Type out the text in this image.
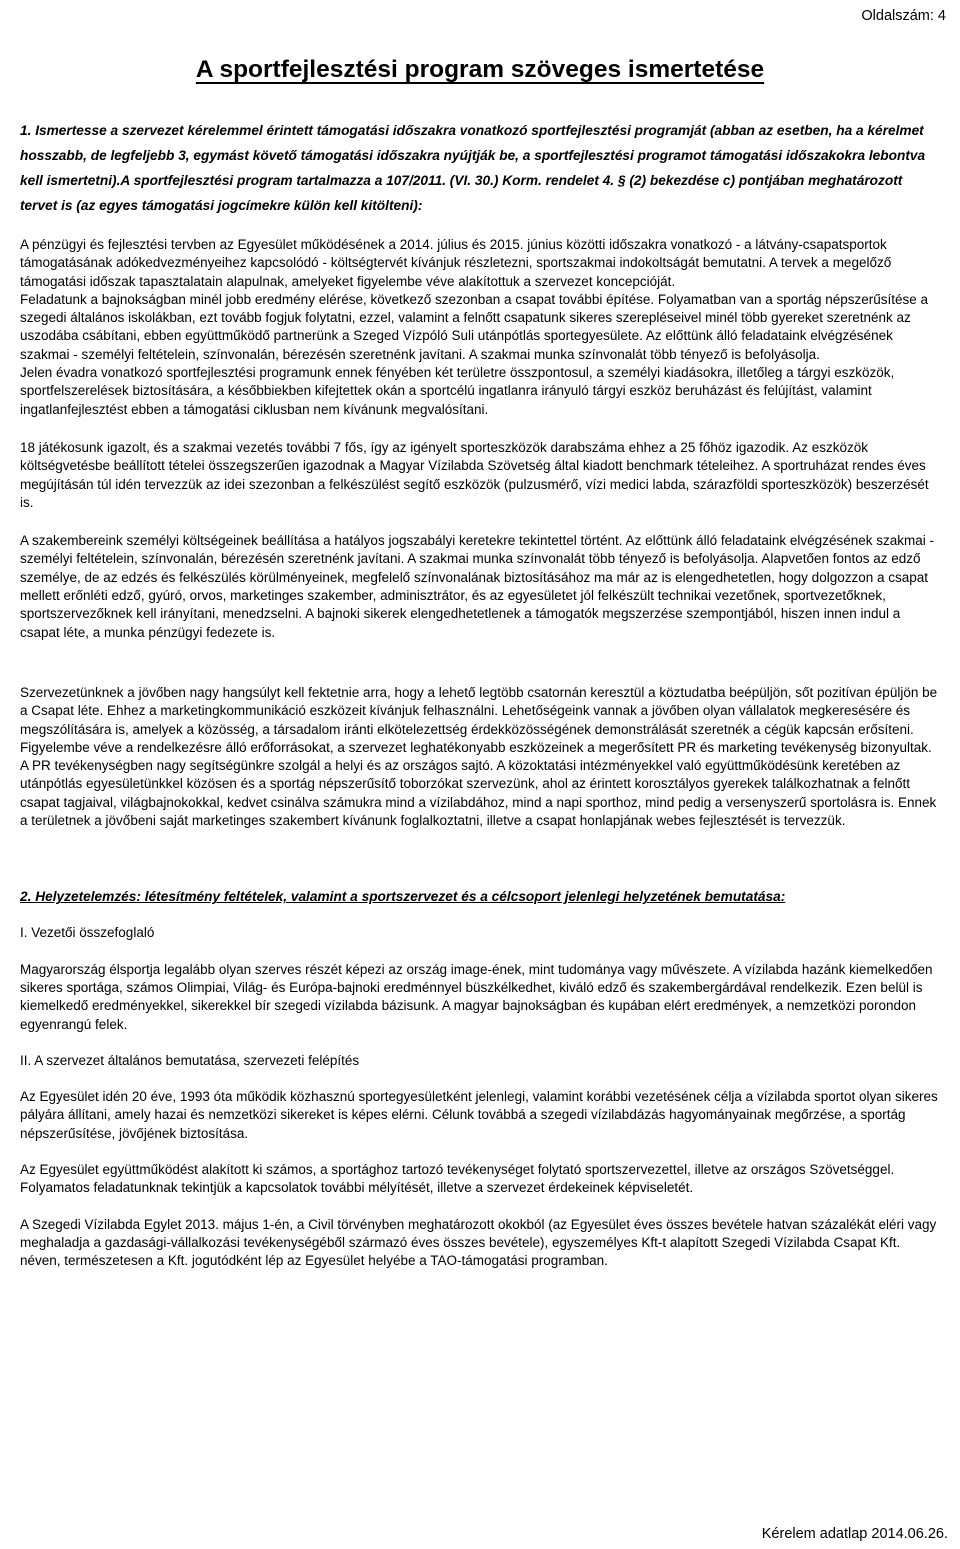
Oldalszám: 4
A sportfejlesztési program szöveges ismertetése

1. Ismertesse a szervezet kérelemmel érintett támogatási időszakra vonatkozó sportfejlesztési programját (abban az esetben, ha a kérelmet hosszabb, de legfeljebb 3, egymást követő támogatási időszakra nyújtják be, a sportfejlesztési programot támogatási időszakokra lebontva kell ismertetni).A sportfejlesztési program tartalmazza a 107/2011. (VI. 30.) Korm. rendelet 4. § (2) bekezdése c) pontjában meghatározott tervet is (az egyes támogatási jogcímekre külön kell kitölteni):

A pénzügyi és fejlesztési tervben az Egyesület működésének a 2014. július és 2015. június közötti időszakra vonatkozó - a látvány-csapatsportok támogatásának adókedvezményeihez kapcsolódó - költségtervét kívánjuk részletezni, sportszakmai indokoltságát bemutatni. A tervek a megelőző támogatási időszak tapasztalatain alapulnak, amelyeket figyelembe véve alakítottuk a szervezet koncepcióját.

Feladatunk a bajnokságban minél jobb eredmény elérése, következő szezonban a csapat további építése. Folyamatban van a sportág népszerűsítése a szegedi általános iskolákban, ezt tovább fogjuk folytatni, ezzel, valamint a felnőtt csapatunk sikeres szerepléseivel minél több gyereket szeretnénk az uszodába csábítani, ebben együttműködő partnerünk a Szeged Vízpóló Suli utánpótlás sportegyesülete. Az előttünk álló feladataink elvégzésének szakmai - személyi feltételein, színvonalán, bérezésén szeretnénk javítani. A szakmai munka színvonalát több tényező is befolyásolja.

Jelen évadra vonatkozó sportfejlesztési programunk ennek fényében két területre összpontosul, a személyi kiadásokra, illetőleg a tárgyi eszközök, sportfelszerelések biztosítására, a későbbiekben kifejtettek okán a sportcélú ingatlanra irányuló tárgyi eszköz beruházást és felújítást, valamint ingatlanfejlesztést ebben a támogatási ciklusban nem kívánunk megvalósítani.

18 játékosunk igazolt, és a szakmai vezetés további 7 fős, így az igényelt sporteszközök darabszáma ehhez a 25 főhöz igazodik. Az eszközök költségvetésbe beállított tételei összegszerűen igazodnak a Magyar Vízilabda Szövetség által kiadott benchmark tételeihez. A sportruházat rendes éves megújításán túl idén tervezzük az idei szezonban a felkészülést segítő eszközök (pulzusmérő, vízi medici labda, szárazföldi sporteszközök) beszerzését is.

A szakembereink személyi költségeinek beállítása a hatályos jogszabályi keretekre tekintettel történt. Az előttünk álló feladataink elvégzésének szakmai - személyi feltételein, színvonalán, bérezésén szeretnénk javítani. A szakmai munka színvonalát több tényező is befolyásolja. Alapvetően fontos az edző személye, de az edzés és felkészülés körülményeinek, megfelelő színvonalának biztosításához ma már az is elengedhetetlen, hogy dolgozzon a csapat mellett erőnléti edző, gyúró, orvos, marketinges szakember, adminisztrátor, és az egyesületet jól felkészült technikai vezetőnek, sportvezetőknek, sportszervezőknek kell irányítani, menedzselni. A bajnoki sikerek elengedhetetlenek a támogatók megszerzése szempontjából, hiszen innen indul a csapat léte, a munka pénzügyi fedezete is.

Szervezetünknek a jövőben nagy hangsúlyt kell fektetnie arra, hogy a lehető legtöbb csatornán keresztül a köztudatba beépüljön, sőt pozitívan épüljön be a Csapat léte. Ehhez a marketingkommunikáció eszközeit kívánjuk felhasználni. Lehetőségeink vannak a jövőben olyan vállalatok megkeresésére és megszólítására is, amelyek a közösség, a társadalom iránti elkötelezettség érdekközösségének demonstrálását szeretnék a cégük kapcsán erősíteni. Figyelembe véve a rendelkezésre álló erőforrásokat, a szervezet leghatékonyabb eszközeinek a megerősített PR és marketing tevékenység bizonyultak. A PR tevékenységben nagy segítségünkre szolgál a helyi és az országos sajtó. A közoktatási intézményekkel való együttműködésünk keretében az utánpótlás egyesületünkkel közösen és a sportág népszerűsítő toborzókat szervezünk, ahol az érintett korosztályos gyerekek találkozhatnak a felnőtt csapat tagjaival, világbajnokokkal, kedvet csinálva számukra mind a vízilabdához, mind a napi sporthoz, mind pedig a versenyszerű sportolásra is. Ennek a területnek a jövőbeni saját marketinges szakembert kívánunk foglalkoztatni, illetve a csapat honlapjának webes fejlesztését is tervezzük.

2. Helyzetelemzés: létesítmény feltételek, valamint a sportszervezet és a célcsoport jelenlegi helyzetének bemutatása:

I. Vezetői összefoglaló

Magyarország élsportja legalább olyan szerves részét képezi az ország image-ének, mint tudománya vagy művészete. A vízilabda hazánk kiemelkedően sikeres sportága, számos Olimpiai, Világ- és Európa-bajnoki eredménnyel büszkélkedhet, kiváló edző és szakembergárdával rendelkezik. Ezen belül is kiemelkedő eredményekkel, sikerekkel bír szegedi vízilabda bázisunk. A magyar bajnokságban és kupában elért eredmények, a nemzetközi porondon egyenrangú felek.

II. A szervezet általános bemutatása, szervezeti felépítés

Az Egyesület idén 20 éve, 1993 óta működik közhasznú sportegyesületként jelenlegi, valamint korábbi vezetésének célja a vízilabda sportot olyan sikeres pályára állítani, amely hazai és nemzetközi sikereket is képes elérni. Célunk továbbá a szegedi vízilabdázás hagyományainak megőrzése, a sportág népszerűsítése, jövőjének biztosítása.

Az Egyesület együttműködést alakított ki számos, a sportághoz tartozó tevékenységet folytató sportszervezettel, illetve az országos Szövetséggel. Folyamatos feladatunknak tekintjük a kapcsolatok további mélyítését, illetve a szervezet érdekeinek képviseletét.

A Szegedi Vízilabda Egylet 2013. május 1-én, a Civil törvényben meghatározott okokból (az Egyesület éves összes bevétele hatvan százalékát eléri vagy meghaladja a gazdasági-vállalkozási tevékenységéből származó éves összes bevétele), egyszemélyes Kft-t alapított Szegedi Vízilabda Csapat Kft. néven, természetesen a Kft. jogutódként lép az Egyesület helyébe a TAO-támogatási programban.

Kérelem adatlap 2014.06.26.
